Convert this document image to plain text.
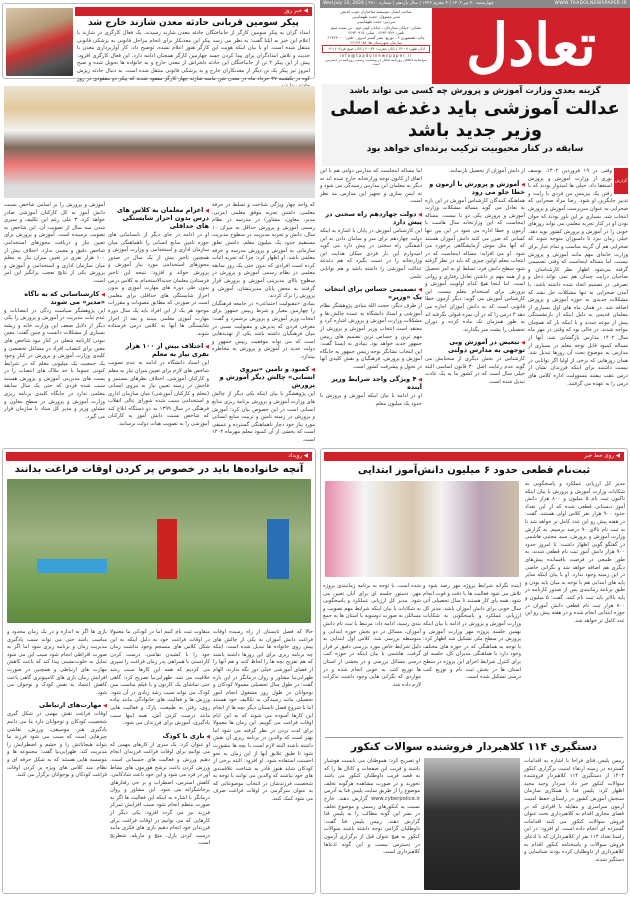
WWW.TAADOLNEWSPAPER.IR
چهارشنبه ۲۰ تیر ۱۴۰۳ | ۴ محرم ۱۴۴۶ | سال یازدهم | شماره ۳۸۱۰ | Wed.July 10, 2024
تعادل
صاحب امتیاز: موسسه ساختاران خوب اندیش
مدیر مسوول: حجت طهماسبی
سردبیر: حجت طهماسبی
نشانی: خیابان ستارخان - خیابان کوثر دوم - بن بست مینو
تلفن: ۶۶۹۳۰۷۲۹ - نمابر: ۶۶۹۳۰۹۱۷
چاپ: همشهری ۲ - توزیع: نشر گستر امروز - تلفن: ۶۱۹۳۳۰۰۰
سازمان شهرستان ها: ۶۶۱۳۶۰۸۸
اذان ظهر: ۱۳:۰۹ | اذان مغرب: ۲۰:۴۴ | اذان صبح فردا: ۰۴:۱۶
info@taadolnewspaper.ir
مرامنامه اخلاقی روزنامه تعادل در وبسایت رسمی روزنامه در دسترس است
◀ خبر روز
پیکر سومین قربانی حادثه معدن شازند خارج شد
امداد گران به پیکر سومین کارگر از جانباختگان حادثه معدن شازند رسیدند. یک فعال کارگری در شازند با اعلام این خبر به ایلنا گفت: به نظر می رسد پیکر این معدنکار برای انجام مراحل قانونی به پزشکی قانونی منتقل شده است. او با بیان اینکه هویت این کارگر هنوز اعلام نشده، توضیح داد: کار آواربرداری معدن با جدیت و تلاش امدادگران برای پیدا کردن جسد چهارمین کارگر همچنان ادامه دارد. این فعال کارگری افزود: پیش از این پیکر ۲ تن از جانباختگان این حادثه دلخراش از معدن خارج و به خانواده ها تحویل شده و صبح امروز نیز پیکر یک تن دیگر از معدنکاران خارج و به پزشکی قانونی منتقل شده است. به دنبال حادثه ریزش کوه در یکشنبه ۲۷ خرداد ماه در معدن شن ماسه شازند چهار کارگر مفقود شدند که پیکر دو مفقودی در روز
گزینه بعدی وزارت آموزش و پرورش چه کسی می تواند باشد
عدالت آموزشی باید دغدغه اصلی
وزیر جدید باشد
سابقه در کنار محبوبیت ترکیب برنده‌ای خواهد بود
گزارش
وقتی در ۱۹ فروردین ۱۴۰۲، یوسف نوری از وزارت آموزش و پرورش استعفا داد، خیلی ها امیدوار بودند که با رفتن یک بیزینس من فردی با رایت و تدبیر جایگزین او شود. رضا مراد صحرایی که صحرایی به عنوان سرپرست آموزش و پرورش انتخاب شد، بسیاری بر این باور بودند که جوان بودن او در کنار تجربه معلمی می تواند روزهای خوبی را در آموزش و پرورش کشور نوید دهد. خیلی زمان نبرد تا دلسوزان متوجه شوند که صحرایی هم آن گزینه مناسب و تمام عیار برای وزارت خانه‌ای مهم مانند آموزش و پرورش نیست. اما مساله اینجاست که وقتی تصمیمی گرفته می‌شود اظهار نظر کارشناسان و صاحبان درایت چندان هم نمی تواند دخل و تصرفی در تصمیم اتخاذ شده داشته باشد. با آمدن صحرایی نه تنها مشکلات حل نشد که مشکلات جدیدی به حوزه آموزش و پرورش اضافه شد. در همان ماه های اول بسیاری از معلمان قدیمی به دلیل اینکه از بازنشستگی پیش از موعد شدند و با اینکه بار که همچنان مواجه شدند. در حالی بود که وقتی در مهر ماه سال ۱۴۰۲ مدارس بازگشایی شد، آنها از مساله کمبود قابل توجه معلم در بسیاری از مدارس به موضوع بحث آن روزها تبدیل شد. همان روزهایی که برخی از اولیا اگر توانایی در بیست داشتند برای اینکه فرزندان نشان از درس عقب نیفتند مسوولیت اداره کلاس های درس را به عهده می گرفتند.
از دانش آموزان از تحصیل بازبمانند.
◀ آموزش و پرورش با آزمون و خطا جلو می رود
هماهنگه کنندگان کارشناس آموزش در این باره به تعادل می گوید مساله مشکلات وزارت آموزش و پرورش یکی دو تا نیست. مساله اینجاست که این وزارتخانه سال هاست با آزمون و خطا اداره می شود در این بین تنها کسانی که ضرر می کنند دانش آموزان هستند که آنها مثل موش آزمایشگاهی برخورد می شود. او می افزاید: مساله اینجاست که در انتخاب معلم اولین چیزی که باید در نظر گرفته شود سطح دانش فرد، تسلط او به امر تحصیل و از همه مهم تر داشتن تعادل رفتاری و روانی است. اما اینجا هیچ کدام اولویت آموزش و پرورش برای استخدام معلم نیست. این کارشناس آموزش می گوید: دیگر آزمون خطا قانونی است که به دانش آموزان اجازه می دهد ۴ درس را که در آن نمره قبولی نگرفته اند به طور همزمان تک ماده کرده و دوران تحصیلی را پشت سر بگذارند.
◀ تبعیض در آموزش وبی توجهی به مدارس دولتی
کارشناس در بخش دیگری از سخنانش می گوید عدم رعایت اصل ۳۰ قانون اساسی البته خیلی سال است که در کشور ما به یک عادت تبدیل شده است.
اما مساله اینجاست که مدارس دولتی هم با این اتفاق از کانون توجه وزارتخانه خارج شده اند نه دیگر به معلمان این مدارس رسیدگی می شود و نه ایمن سازی و تجهیز این مدارس مد نظر است.
◀ دولت چهاردهم راه سختی در پیش دارد
این کارشناس آموزش در پایان با اشاره به اینکه دولت چهاردهم برای سر و سامان دادن به این آشفتگی راه سختی در پیش دارد می گوید امیدوارم این بار فردی سکان هدایت این وزارتخانه را در دست بگیرد که هم دغدغه عدالت آموزشی را داشته باشد و هم توانایی علمی.
◀ تصمیمی حساس برای انتخاب یک «وزیر»
از طرف دیگر، حجت الله بنیادی پژوهشگر نظام آموزشی و استاد دانشگاه به عمده چالش ها و مشکلات وزارت آموزش و پرورش اشاره کرد و معتقد است انتخاب وزیر آموزش و پرورش از مهم ترین و حساس ترین تصمیم های رییس جمهور جدید خواهد بود. بنیادی به ایسنا گفت: این انتخاب نشانگر توجه رییس جمهور به جایگاه آموزش و پرورش، فرهنگیان و نقش کلیدی آنها در تحول و پیشرفت کشور است.
◀ ۴ ویژگی واجد شرایط وزیر آینده
او در ادامه با بیان اینکه آموزش و پرورش با حدود یک میلیون معلم
که واجد چهار ویژگی شناخت و تسلط در حرفه معلمی، داشتن تجربه موفق معلمی (مربی، مدیر، معاون، مشاور) در مدرسه در نظام رسمی آموزش و پرورش حداقل به میزان ۱۰ سال، دانش و تجربه مدیریت در سطوح مدیریت مستقیم حدود یک میلیون معلم، داشتن تعلق سازمانی به آموزش و پرورش مدرسه و حرفه معلمی باشد. او اظهار کرد: چرا که تجربه اثبات کرده است افرادی که بدون حتی یک روز سابقه معلمی در نظام رسمی آموزش و پرورش در سطوح بالای مدیریتی آموزش و پرورش قرار گرفتند به محض پایان مدیریتشان، آموزش و پرورش را ترک کردند.
بنیادی «مقبولیت اجتماعی» در جامعه فرهنگیان را چهارمین معیار و شرط رییس جمهور برای انتخاب وزیر آموزش و پرورش برشمرد و گفت: معرفی فردی که پذیرش و مقبولیت نسبی در میان فرهنگیان داشته باشد یکی از تهدیدهایی است که می تواند موفقیت رییس جمهور و دولت جدید در آموزش و پرورش به مخاطره بیندازد.
◀ کمبود و تامین «نیروی انسانی» چالش دیگر آموزش و پرورش
این پژوهشگر با بیان اینکه یکی دیگر از چالش های وزارت آموزش و پرورش برنامه ریزی منابع انسانی است در این خصوص بیان کرد: آموزش و پرورش در زمینه تامین و تربیت منابع انسانی مورد نیاز خود دچار ناهماهنگی گسترده و عمیقی است که بخشی از آن کمبود معلم مهرماه ۱۴۰۲ است.
◀ اعزام معلمان به کلاس های درس بدون احراز شایستگی های حداقلی
او در ادامه در جای دیگر از نابسامانی های حوزه تامین منابع انسانی را ناهماهنگی میان سازمان اداری و استخدامی و وزارت آموزش و همچنین تاخیر بیش از یک سال در صدور مجوزهای استخدامی مورد نیاز آموزش و پرورش خواند و افزود: نتیجه این تاخیر فرستادن معلمان جدیدالاستخدام به کلاس درس بدون طی دوره های مهارت آموزی و بدون احراز شایستگی های حداقلی برای معلمی است در صورتی که مطابق مصوبات و مقررات موجود هر یک از این افراد باید یک سال دوره مهارت آموزی معلمی ببینند و بعد از احراز شایستگی ها آنها به کلاس درس فرستاده شوند.
◀ اختلاف بیش از ۱۰۰ هزار نفری نیاز به معلم
این استاد دانشگاه در ادامه به عدم تصویب شاخص های لازم برای تعیین میزان نیاز به معلم و کارکنان آموزشی، اختلاف نظرهای مستمر و فاحش در زمینه تعیین نیاز به نیروی انسانی (معلم و کارکنان آموزشی) میان سازمان اداری و استخدامی سبب شده شورای عالی انقلاب فرهنگی در سال ۱۳۹۹ به دو دستگاه ابلاغ کند که شاخص نسبت دانش آموز به کارکنان آموزشی را به تصویب هیات دولت برسانند.
آموزش و پرورش را بر اساس شاخص نسبت دانش آموز به کل کارکنان آموزشی صادر خواهد کرد. ۳ علی رغم این تکلیف و سپری شدن سه سال از تصویب آن، این شاخص به تصویب نرسیده است. آموزش و پرورش برای تعیین نیاز و دریافت مجوزهای استخدامی شاخص دقیق و معینی ندارد. اختلاف بیش از ۱۰۰ هزار نفری در تعیین میزان نیاز به معلم میان سازمان اداری و استخدامی و آموزش و پرورش یکی از نتایج تعجب برانگیز این امر است.
◀ کارشناسانی که به ناگاه «مدیر» می شوند
این پژوهشگر سیاست زدگی در انتصابات و عدم ثبات مدیریت در آموزش و پرورش را یکی دیگر از دلایل ضعف این وزارت خانه و ریشه بسیاری از مشکلات دانست و چنین گفت: معین نبودن کارنامه شغلی در کنار نبود شاخص های معین برای انتصاب افراد در مشاغل تخصصی و کلیدی وزارت آموزش و پرورش در کنار وجود یک جمعیت یک میلیونی معلم که در شرایط کنونی عموما با حد ملاک های انتصاب را در پست های مدیریتی آموزش و پرورش هستند سبب شده فردی که حتی یک سال سابقه معلمی ندارد در جایگاه کلیدی برنامه ریزی وزارت آموزش و پرورش در سطح معاون و مشاور وزیر و مدیر کل ستاد با سازمان قرار می گیرد.
◀ رویداد
آنچه خانواده‌ها باید در خصوص پر کردن اوقات فراغت بدانند
حالا که فصل تابستان از راه رسیده اوقات فراغت دانش آموزان به یکی از چالش های پیش روی خانواده ها تبدیل شده است. اینکه چه برنامه ریزی برای این روزها داشته باشند که هم تفریح بچه ها را لحاظ کنند و هم آنها را از فضای آموزشی خیلی دور نگه ندارند. الهام ظهرابی‌نیا مشاور و روان درمانگر در این باره گفت: در طول سال تحصیلی معمولا کودکان و نوجوانان در طول روز مشغول انجام امور تحصیلی مانند رسیدگی به تکالیف خود هستند اما با شروع فصل تابستان دیگر بچه ها از انجام این کارها آسوده می شوند که به این ایام اوقات فراغت می گوییم. این زمان ها معمولا برای لذت بردن در نظر گرفته می شود اما بهتر است که والدین در برنامه ریزی آن نقش داشته باشند البته لازم است با بچه ها مشورت شود تا طبق علایق آنها از این زمان به نحو احسنت استفاده شود. او افزود: البته برخی از کودکان شاید هنوز قادر به شناخت علاقمندی های خود نباشند که والدین می توانند با توجه به شخصیت فرزندشان در انتخاب موضوعاتی که به عنوان سرگرمی در اوقات فراغت صرف می شود کمک کنند.
متفاوت ثبت نام کنیم اما در کودکی ما معمولا در اوقات فراغت خود به دلیل اینکه به این شکل کلاس های منسجم وجود نداشت زمان خود را با کشیدن نقاشی، درست کردن کاردستی با همراهی پدر زمان فراغت را سپری می کردیم که همه این کارها سبب رشد خلاقیت می شد. ظهرابی‌نیا تصریح کرد: گاهی حتی تماشای یک کارتون و یا فیلم مناسب سن کودک می تواند سبب رشد زیادی در آن شود. ورزش ها و فعالیت های خانوادگی مانند پیاده روی، رفتن به طبیعت، پارک و فعالیت هایی مانند درست کردن آش، همه اینها سبب یادگیری، آموزش برای فرزندان می شود.
◀ بازی با کودک
او عنوان کرد: یک سری از کارهای مهمی که می توانیم برای اوقات فراغت فرزندان انجام دهیم ورزش و فعالیت های جسمانی است. ورزش کردن باعث ترشح هورمون های نشاط آور در فرد می شود و این خود باعث شادکامی، کاهش استرس، اضطراب و بر خی رفتارهای پرخاشگرانه می شود. این مشاور و روان درمانگر با اشاره به اینکه این فعالیت ها اگر به صورت منظم انجام شود سبب افزایش تمرکز فرزند نیز می گردد افزود: یکی دیگر از کارهایی که می توانیم در اوقات فراغت برای فرزندان خود انجام دهیم بازی های فکری مانند درست کردن پازل، منچ و مارپله، شطرنج است.
بازی ها اگر به اندازه و در یک زمان محدود و مناسب باشد حتی می تواند سبب یادگیری مدیریت زمان و برنامه ریزی شود اما اگر به صورت افراطی انجام شود سبب این می شود تمایل به خلوت‌نشینی پیدا کند که باعث کاهش مهارت های ارتباطی و همچنین در صورت افزایش زمان بازی های کامپیوتری گاهی باعث کاهش اعتماد به نفس کودک و نوجوان می شود.
◀ مهارت‌های ارتباطی
اوقات فراغت نقش مهمی در شکل گیری شخصیت کودکان و نوجوانان دارد ما می دانیم یادگیری هنر، موسیقی، ورزش، نقاشی چیزهایی است که سبب می شود فرزند ما بتواند هیجاناتش را و خشم و اضطرابش را مدیریت کند. ظهرابی‌نیا گفت: مجموعه ها و موسسه هایی هستند که به شکل حرفه ای و نظام مند کلاس های ویژه پر کردن اوقات فراغت کودکان و نوجوانان برگزار می کنند.
◀ روی خط خبر
ثبت‌نام قطعی حدود ۶ میلیون دانش‌آموز ابتدایی
مدیر کل ارزیابی عملکرد و پاسخگویی به شکایات وزارت آموزش و پرورش با بیان اینکه تاکنون ثبت نام ۵ میلیون و ۸۰۰ هزار دانش آموز دبستانی قطعی شده که از این تعداد حدود ۹۰۰ هزار نفر کلاس اولی هستند، گفت: در هفته پیش رو این عدد کامل تر خواهد شد تا به ثبت نام بالای ۹۰ درصد برسیم. به گزارش وزارت آموزش و پرورش، سید مجتبی هاشمی در گفتگو گویی اظهار داشت: تا امروز حدود ۹۰۰ هزار دانش آموز ثبت نام قطعی شدند. به طور طبیعی در فرصت باقیمانده پیش‌های دیگری هم اضافه خواهد شد و نگرانی خاصی در این زمینه وجود ندارد. او با بیان اینکه سایر پایه های ابتدایی هم با توجه به میان پایه بودن و طبق برنامه زمانبندی پس از صدور کارنامه در پایه بالاتر باید ثبت نام کنند، گفت: ۵ میلیون و ۸۰۰ هزار ثبت نام قطعی دانش آموزان در حوزه ابتدایی انجام شده و در هفته پیش رو این عدد کامل تر خواهد شد.
آینده نگرانه شرایط پروژه مهر رصد شود و تلاش می شود فعالیت ها با دقت و قوت انجام شود. همه پای کار هستند تا سال تحصیلی آتی سال خوبی برای دانش آموزان باشد. مدیر کل ارزیابی عملکرد و پاسخگویی به شکایات وزارت آموزش و پرورش در ادامه با بیان اینکه نهمین جلسه پروژه مهر وزارت آموزش و پرورش در سطح ملی تشکیل شد اظهار کرد: با توجه به هماهنگی که در حوزه های مختلف وجود دارد با هماهنگی مدیران کل، جلسه ای برای کنترل شرایط اجرای این پروژه در سطح استان ها در بخش ثبت نام و توزیع کتب درسی تشکیل شده است.
شده است. با توجه به برنامه زمانبندی پروژه مهر، دستور جلسه ای برای آنان تعیین می شود. مدیر کل ارزیابی عملکرد و پاسخگویی به شکایات با بیان اینکه شرایط مهم تصویب و مسائلی به صورت دوسویه با استان ها به جمع بندی رسید، ادامه داد: مرتبط با ثبت نام دانش آموزان، مسائل در دو بخش حوزه ابتدایی و متوسطه بررسی شد. کلاس اول ابتدایی به دلیل شرایط خاص مورد بررسی دقیق تر قرار گرفت. هاشمی با بیان اینکه در حوزه کتب درسی مسائل بررسی و در بخشی از استان ها توزیع کتب به خوبی انجام شده و در مواردی که نگرانی هایی وجود داشت تذکرات لازم داده شد.
دستگیری ۱۱۴ کلاهبردار فروشنده سوالات کنکور
رییس پلیس فتای فراجا با اشاره به اقدامات گسترده در زمینه ارتقاء امنیت برگزاری کنکور ۱۴۰۳ از دستگیری ۱۱۴ کلاهبردار فروشنده سوالات کنکور خبر داد. سردار وحید مجید اظهار کرد: پلیس فتا با همکاری سازمان سنجش آموزش کشور در راستای حفظ امنیت آزمون سراسری و مقابله با افرادی که در فضای مجازی اقدام به کلاهبرداری تحت عنوان فروش سوالات کنکور می کنند اقدامات گسترده ای انجام داده است. او افزود: در این راستا تعداد ۱۱۴ نفر از کلاهبرداران که با ادعای فروش سوالات و پاسخنامه کنکور اقدام به کلاهبرداری از داوطلبان کرده بودند شناسایی و دستگیر شدند.
او تصریح کرد: هموطنان می بایست هوشیار باشند و فریب این صفحات و کانال ها را که به قصد فریب داوطلبان کنکور می باشد نخورند و در صورت مشاهده هرگونه تخلف موضوع را از طریق سایت پلیس فتا به آدرس www.cyberpolice.ir گزارش دهند. خارج نسبت به کنکورهای رسمی و موضوع تخلف در نشر این گونه مطالب را به پلیس فتا گزارش دهند. رییس پلیس فتا گفت: داوطلبان گرامی توجه داشته باشند سوالات کنکور به هیچ عنوان قبل از برگزاری آزمون در دسترس نیست و این گونه ادعاها کلاهبرداری است.
